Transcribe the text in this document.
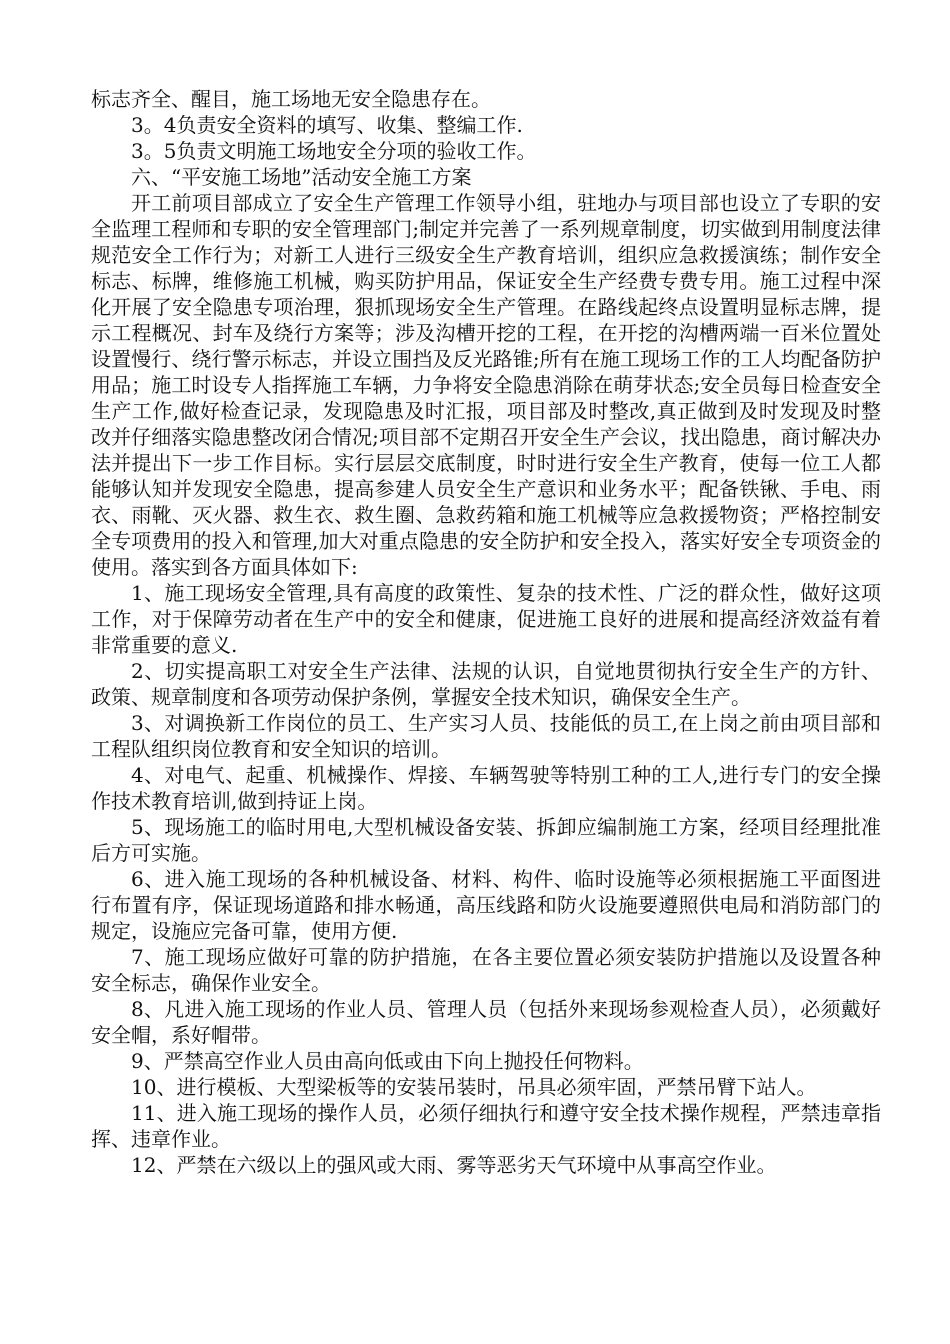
标志齐全、醒目，施工场地无安全隐患存在。

3。4负责安全资料的填写、收集、整编工作.

3。5负责文明施工场地安全分项的验收工作。

六、“平安施工场地”活动安全施工方案

开工前项目部成立了安全生产管理工作领导小组，驻地办与项目部也设立了专职的安全监理工程师和专职的安全管理部门;制定并完善了一系列规章制度，切实做到用制度法律规范安全工作行为；对新工人进行三级安全生产教育培训，组织应急救援演练；制作安全标志、标牌，维修施工机械，购买防护用品，保证安全生产经费专费专用。施工过程中深化开展了安全隐患专项治理，狠抓现场安全生产管理。在路线起终点设置明显标志牌，提示工程概况、封车及绕行方案等；涉及沟槽开挖的工程，在开挖的沟槽两端一百米位置处设置慢行、绕行警示标志，并设立围挡及反光路锥;所有在施工现场工作的工人均配备防护用品；施工时设专人指挥施工车辆，力争将安全隐患消除在萌芽状态;安全员每日检查安全生产工作,做好检查记录，发现隐患及时汇报，项目部及时整改,真正做到及时发现及时整改并仔细落实隐患整改闭合情况;项目部不定期召开安全生产会议，找出隐患，商讨解决办法并提出下一步工作目标。实行层层交底制度，时时进行安全生产教育，使每一位工人都能够认知并发现安全隐患，提高参建人员安全生产意识和业务水平；配备铁锹、手电、雨衣、雨靴、灭火器、救生衣、救生圈、急救药箱和施工机械等应急救援物资；严格控制安全专项费用的投入和管理,加大对重点隐患的安全防护和安全投入，落实好安全专项资金的使用。落实到各方面具体如下:

1、施工现场安全管理,具有高度的政策性、复杂的技术性、广泛的群众性，做好这项工作，对于保障劳动者在生产中的安全和健康，促进施工良好的进展和提高经济效益有着非常重要的意义.

2、切实提高职工对安全生产法律、法规的认识，自觉地贯彻执行安全生产的方针、政策、规章制度和各项劳动保护条例，掌握安全技术知识，确保安全生产。

3、对调换新工作岗位的员工、生产实习人员、技能低的员工,在上岗之前由项目部和工程队组织岗位教育和安全知识的培训。

4、对电气、起重、机械操作、焊接、车辆驾驶等特别工种的工人,进行专门的安全操作技术教育培训,做到持证上岗。

5、现场施工的临时用电,大型机械设备安装、拆卸应编制施工方案，经项目经理批准后方可实施。

6、进入施工现场的各种机械设备、材料、构件、临时设施等必须根据施工平面图进行布置有序，保证现场道路和排水畅通，高压线路和防火设施要遵照供电局和消防部门的规定，设施应完备可靠，使用方便.

7、施工现场应做好可靠的防护措施，在各主要位置必须安装防护措施以及设置各种安全标志，确保作业安全。

8、凡进入施工现场的作业人员、管理人员（包括外来现场参观检查人员），必须戴好安全帽，系好帽带。

9、严禁高空作业人员由高向低或由下向上抛投任何物料。

10、进行模板、大型梁板等的安装吊装时，吊具必须牢固，严禁吊臂下站人。

11、进入施工现场的操作人员，必须仔细执行和遵守安全技术操作规程，严禁违章指挥、违章作业。

12、严禁在六级以上的强风或大雨、雾等恶劣天气环境中从事高空作业。
